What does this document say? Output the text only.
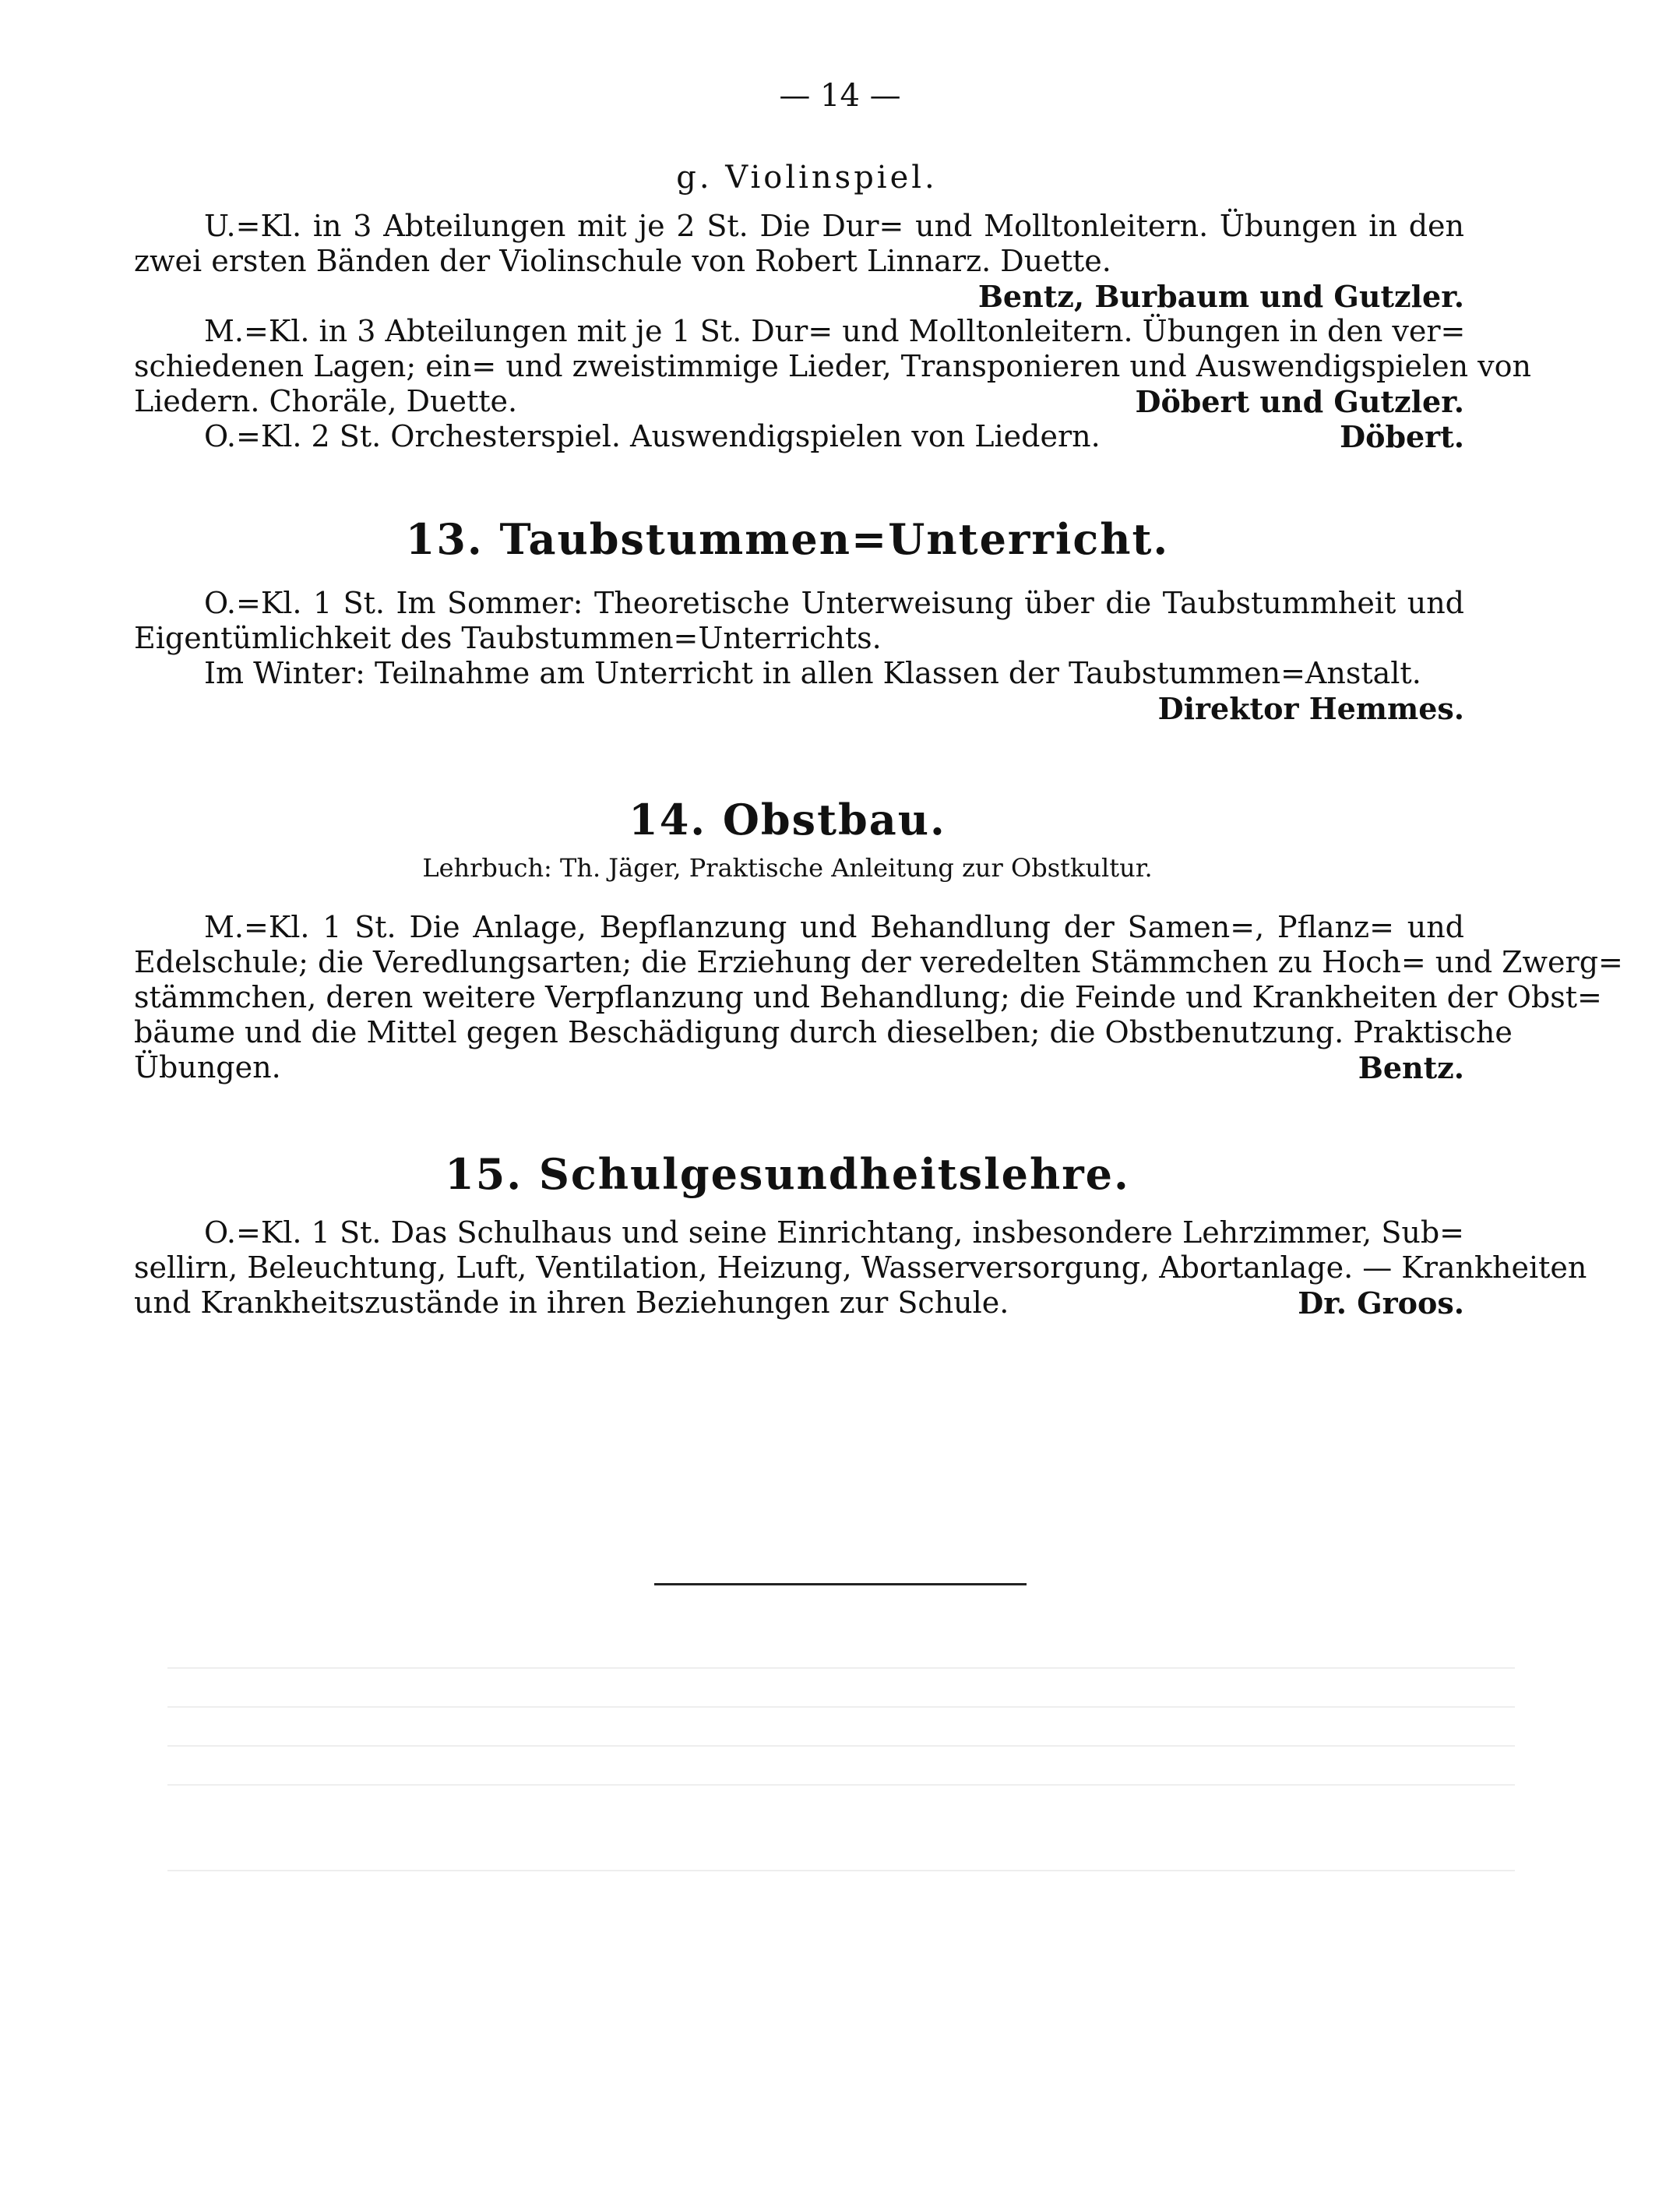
— 14 —
g. Violinspiel.
U.=Kl. in 3 Abteilungen mit je 2 St. Die Dur= und Molltonleitern. Übungen in den
zwei ersten Bänden der Violinschule von Robert Linnarz. Duette.
Bentz, Burbaum und Gutzler.
M.=Kl. in 3 Abteilungen mit je 1 St. Dur= und Molltonleitern. Übungen in den ver=
schiedenen Lagen; ein= und zweistimmige Lieder, Transponieren und Auswendigspielen von
Liedern. Choräle, Duette.	Döbert und Gutzler.
O.=Kl. 2 St. Orchesterspiel. Auswendigspielen von Liedern.	Döbert.
13. Taubstummen=Unterricht.
O.=Kl. 1 St. Im Sommer: Theoretische Unterweisung über die Taubstummheit und
Eigentümlichkeit des Taubstummen=Unterrichts.
Im Winter: Teilnahme am Unterricht in allen Klassen der Taubstummen=Anstalt.
Direktor Hemmes.
14. Obstbau.
Lehrbuch: Th. Jäger, Praktische Anleitung zur Obstkultur.
M.=Kl. 1 St. Die Anlage, Bepflanzung und Behandlung der Samen=, Pflanz= und
Edelschule; die Veredlungsarten; die Erziehung der veredelten Stämmchen zu Hoch= und Zwerg=
stämmchen, deren weitere Verpflanzung und Behandlung; die Feinde und Krankheiten der Obst=
bäume und die Mittel gegen Beschädigung durch dieselben; die Obstbenutzung. Praktische
Übungen.	Bentz.
15. Schulgesundheitslehre.
O.=Kl. 1 St. Das Schulhaus und seine Einrichtang, insbesondere Lehrzimmer, Sub=
sellirn, Beleuchtung, Luft, Ventilation, Heizung, Wasserversorgung, Abortanlage. — Krankheiten
und Krankheitszustände in ihren Beziehungen zur Schule.	Dr. Groos.
